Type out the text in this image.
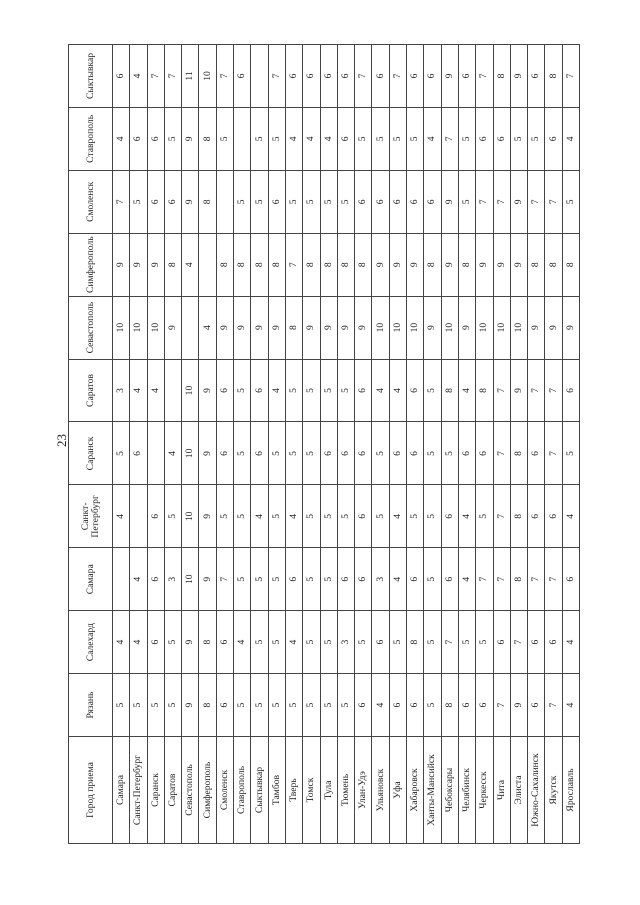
23
Город приема	Рязань	Салехард	Самара	Санкт-Петербург	Саранск	Саратов	Севастополь	Симферополь	Смоленск	Ставрополь	Сыктывкар
Самара	5	4		4	5	3	10	9	7	4	6
Санкт-Петербург	5	4	4		6	4	10	9	5	6	4
Саранск	5	6	6	6		4	10	9	6	6	7
Саратов	5	5	3	5	4		9	8	6	5	7
Севастополь	9	9	10	10	10	10		4	9	9	11
Симферополь	8	8	9	9	9	9	4		8	8	10
Смоленск	6	6	7	5	6	6	9	8		5	7
Ставрополь	5	4	5	5	5	5	9	8	5		6
Сыктывкар	5	5	5	4	6	6	9	8	5	5	
Тамбов	5	5	5	5	5	4	9	8	6	5	7
Тверь	5	4	6	4	5	5	8	7	5	4	6
Томск	5	5	5	5	5	5	9	8	5	4	6
Тула	5	5	5	5	6	5	9	8	5	4	6
Тюмень	5	3	6	5	6	5	9	8	5	6	6
Улан-Удэ	6	5	6	6	6	6	9	8	6	5	7
Ульяновск	4	6	3	5	5	4	10	9	6	5	6
Уфа	6	5	4	4	6	4	10	9	6	5	7
Хабаровск	6	8	6	5	6	6	10	9	6	5	6
Ханты-Мансийск	5	5	5	5	5	5	9	8	6	4	6
Чебоксары	8	7	6	6	5	8	10	9	9	7	9
Челябинск	6	5	4	4	6	4	9	8	5	5	6
Черкесск	6	5	7	5	6	8	10	9	7	6	7
Чита	7	6	7	7	7	7	10	9	7	6	8
Элиста	9	7	8	8	8	9	10	9	9	5	9
Южно-Сахалинск	6	6	7	6	6	7	9	8	7	5	6
Якутск	7	6	7	6	7	7	9	8	7	6	8
Ярославль	4	4	6	4	5	6	9	8	5	4	7
